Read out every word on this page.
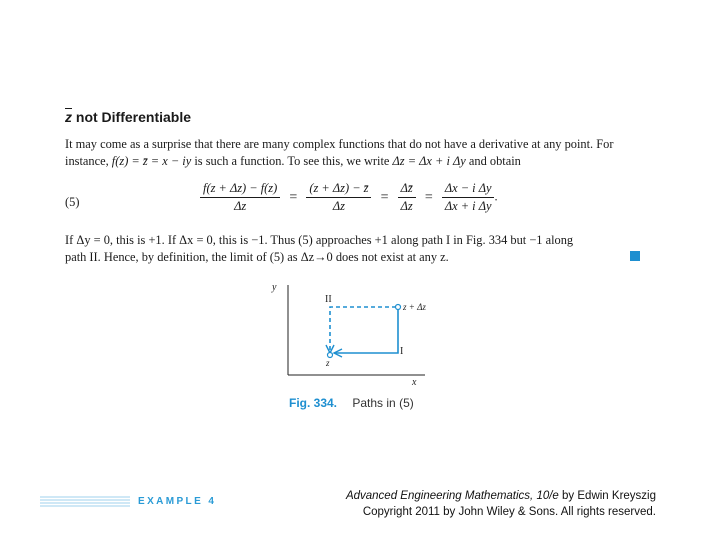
$\overline{z}$ not Differentiable
It may come as a surprise that there are many complex functions that do not have a derivative at any point. For
instance, f(z) = z̄ = x − iy is such a function. To see this, we write Δz = Δx + i Δy and obtain
(5)	$\frac{f(z + \Delta z) - f(z)}{\Delta z} = \frac{(z + \Delta z) - z̄}{\Delta z} = \frac{\Delta z̄}{\Delta z} = \frac{\text{Δx − i Δy}}{\text{Δx + i Δy}}$ .
If Δy = 0, this is +1. If Δx = 0, this is −1. Thus (5) approaches +1 along path I in Fig. 334 but −1 along
path II. Hence, by definition, the limit of (5) as Δz→0 does not exist at any z.
y
x
II
I
z
z + Δz
Fig. 334. Paths in (5)
EXAMPLE 4	Advanced Engineering Mathematics, 10/e by Edwin Kreyszig
Copyright 2011 by John Wiley & Sons. All rights reserved.
